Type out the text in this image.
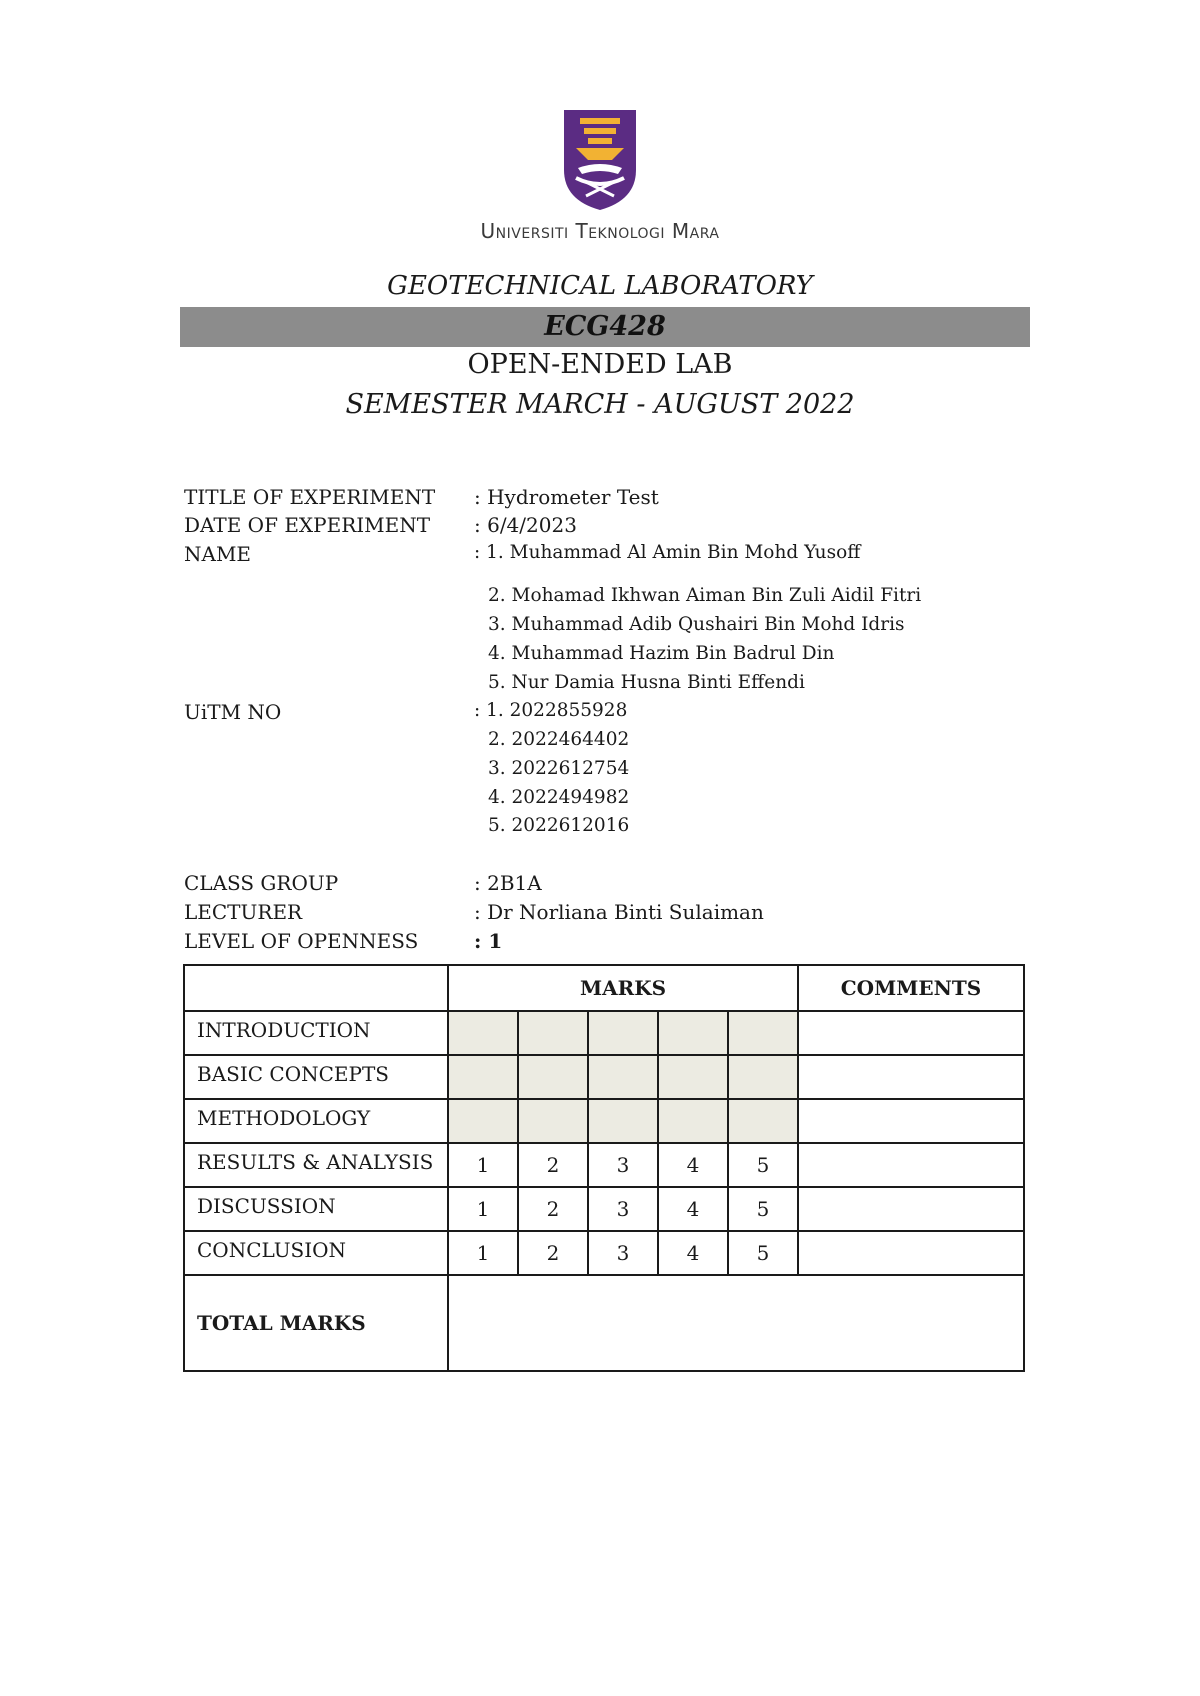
Universiti Teknologi Mara
GEOTECHNICAL LABORATORY
ECG428
OPEN-ENDED LAB
SEMESTER MARCH - AUGUST 2022
TITLE OF EXPERIMENT : Hydrometer Test
DATE OF EXPERIMENT : 6/4/2023
NAME	: 1. Muhammad Al Amin Bin Mohd Yusoff
2. Mohamad Ikhwan Aiman Bin Zuli Aidil Fitri
3. Muhammad Adib Qushairi Bin Mohd Idris
4. Muhammad Hazim Bin Badrul Din
5. Nur Damia Husna Binti Effendi
UiTM NO	: 1. 2022855928
2. 2022464402
3. 2022612754
4. 2022494982
5. 2022612016
CLASS GROUP	: 2B1A
LECTURER	: Dr Norliana Binti Sulaiman
LEVEL OF OPENNESS	: 1
	MARKS					COMMENTS

INTRODUCTION						

BASIC CONCEPTS						

METHODOLOGY						

RESULTS & ANALYSIS	1	2	3	4	5	

DISCUSSION	1	2	3	4	5	

CONCLUSION	1	2	3	4	5	

TOTAL MARKS						
